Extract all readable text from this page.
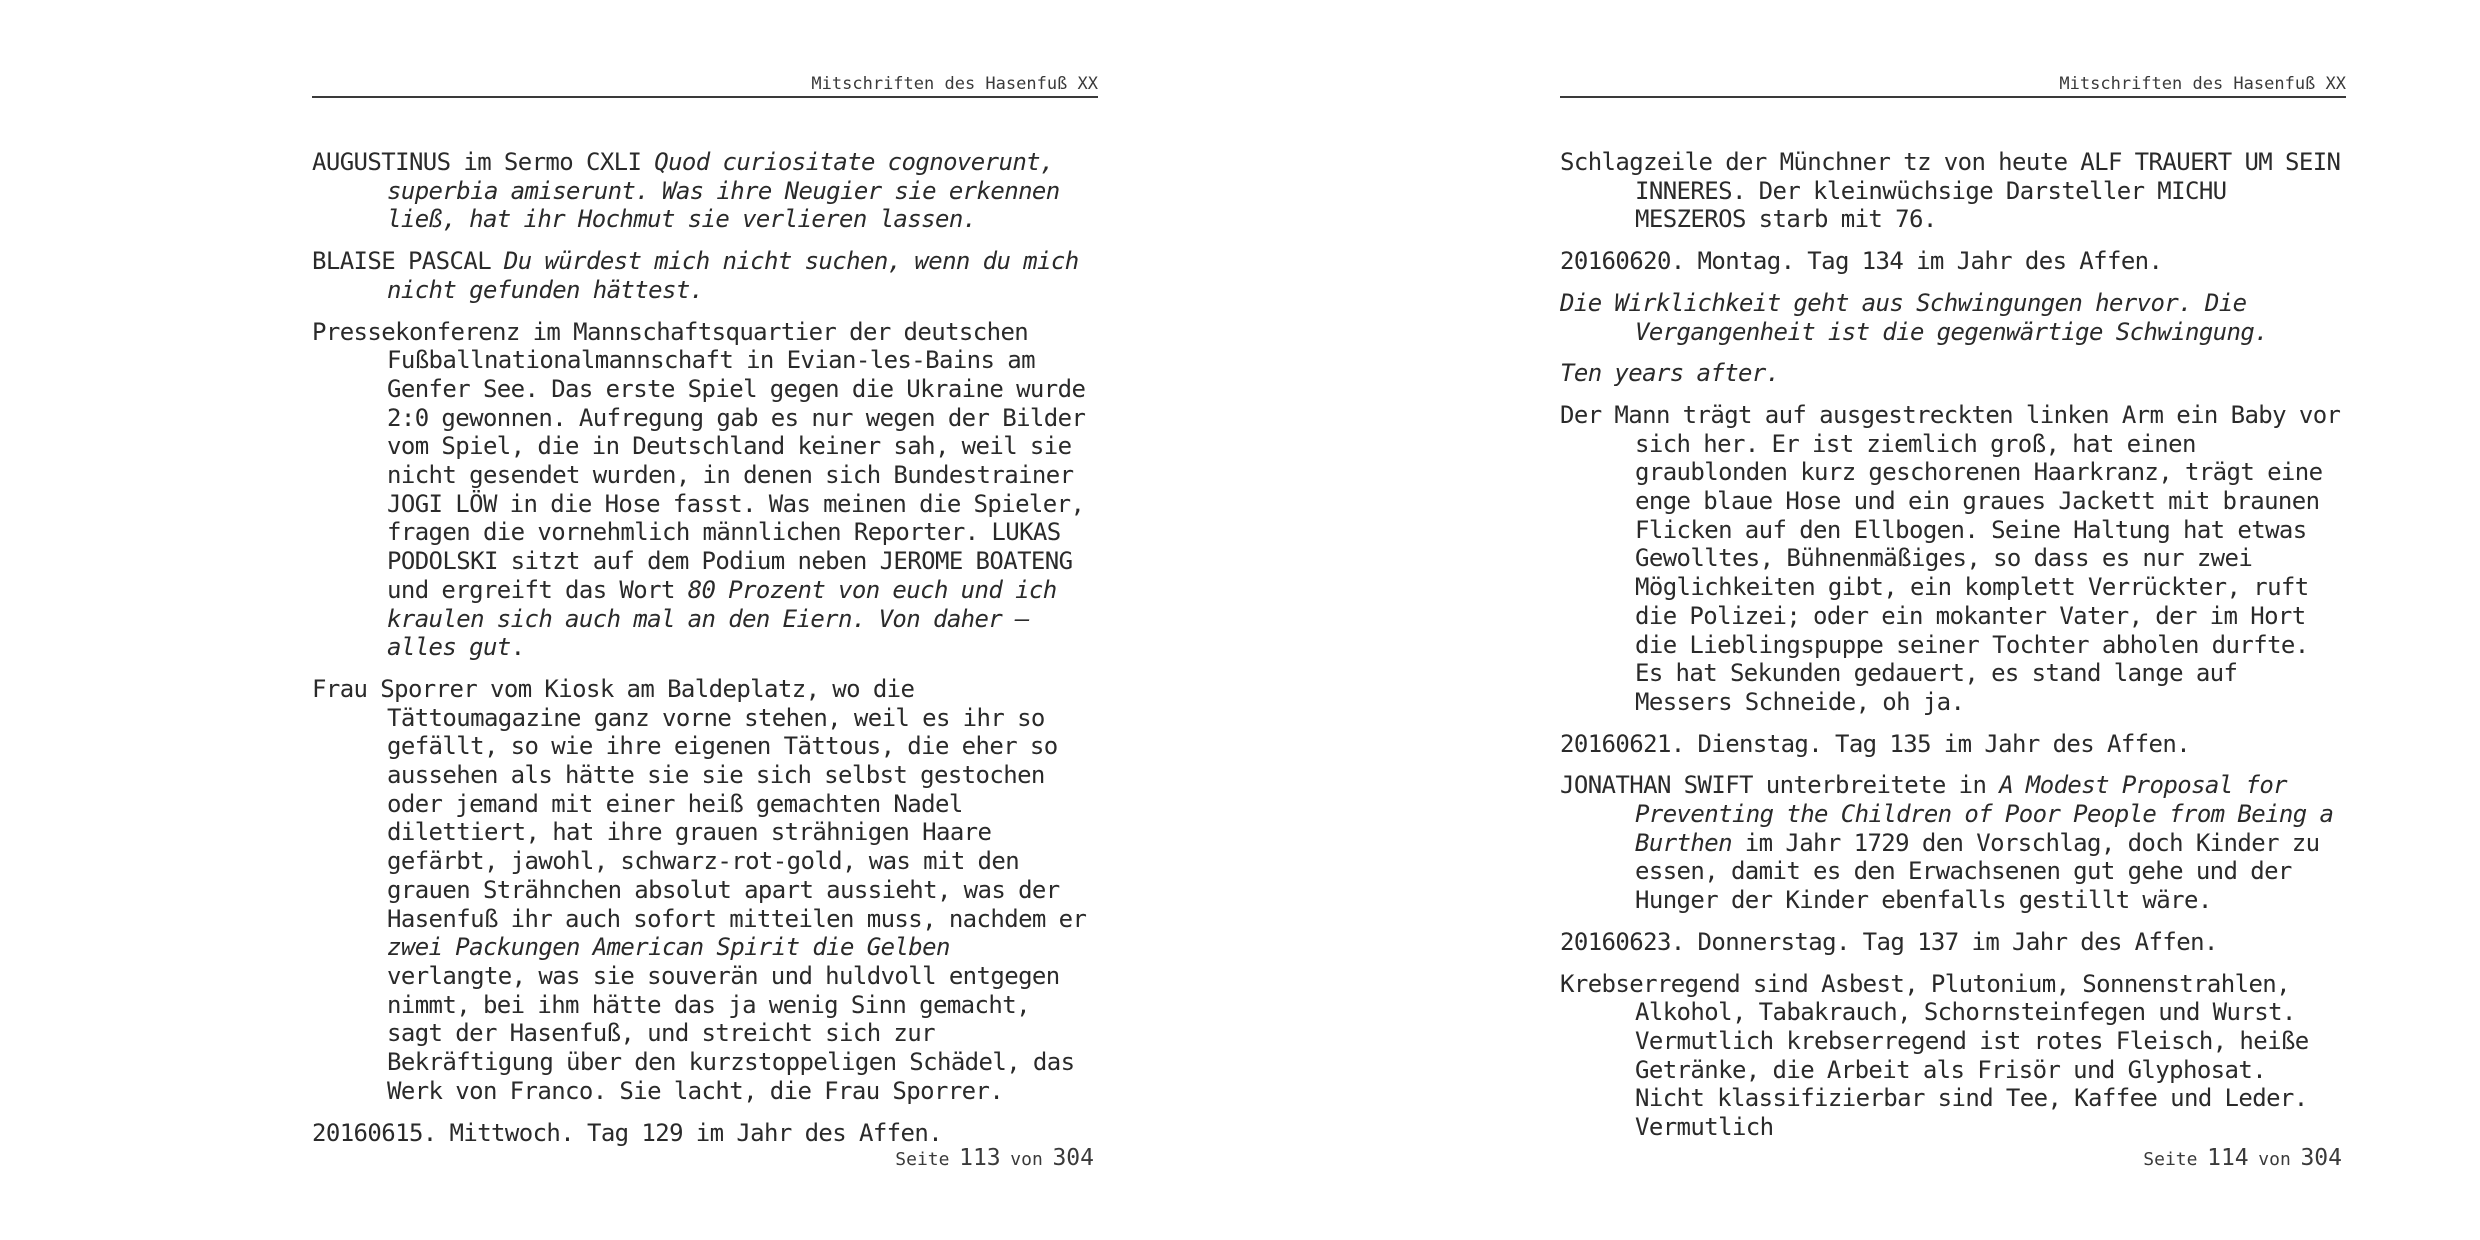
Mitschriften des Hasenfuß XX

AUGUSTINUS im Sermo CXLI Quod curiositate cognoverunt, superbia amiserunt. Was ihre Neugier sie erkennen ließ, hat ihr Hochmut sie verlieren lassen.

BLAISE PASCAL Du würdest mich nicht suchen, wenn du mich nicht gefunden hättest.

Pressekonferenz im Mannschaftsquartier der deutschen Fußballnationalmannschaft in Evian-les-Bains am Genfer See. Das erste Spiel gegen die Ukraine wurde 2:0 gewonnen. Aufregung gab es nur wegen der Bilder vom Spiel, die in Deutschland keiner sah, weil sie nicht gesendet wurden, in denen sich Bundestrainer JOGI LÖW in die Hose fasst. Was meinen die Spieler, fragen die vornehmlich männlichen Reporter. LUKAS PODOLSKI sitzt auf dem Podium neben JEROME BOATENG und ergreift das Wort 80 Prozent von euch und ich kraulen sich auch mal an den Eiern. Von daher – alles gut.

Frau Sporrer vom Kiosk am Baldeplatz, wo die Tättoumagazine ganz vorne stehen, weil es ihr so gefällt, so wie ihre eigenen Tättous, die eher so aussehen als hätte sie sie sich selbst gestochen oder jemand mit einer heiß gemachten Nadel dilettiert, hat ihre grauen strähnigen Haare gefärbt, jawohl, schwarz-rot-gold, was mit den grauen Strähnchen absolut apart aussieht, was der Hasenfuß ihr auch sofort mitteilen muss, nachdem er zwei Packungen American Spirit die Gelben verlangte, was sie souverän und huldvoll entgegen nimmt, bei ihm hätte das ja wenig Sinn gemacht, sagt der Hasenfuß, und streicht sich zur Bekräftigung über den kurzstoppeligen Schädel, das Werk von Franco. Sie lacht, die Frau Sporrer.

20160615. Mittwoch. Tag 129 im Jahr des Affen.

Seite 113 von 304
Mitschriften des Hasenfuß XX

Schlagzeile der Münchner tz von heute ALF TRAUERT UM SEIN INNERES. Der kleinwüchsige Darsteller MICHU MESZEROS starb mit 76.

20160620. Montag. Tag 134 im Jahr des Affen.

Die Wirklichkeit geht aus Schwingungen hervor. Die Vergangenheit ist die gegenwärtige Schwingung.

Ten years after.

Der Mann trägt auf ausgestreckten linken Arm ein Baby vor sich her. Er ist ziemlich groß, hat einen graublonden kurz geschorenen Haarkranz, trägt eine enge blaue Hose und ein graues Jackett mit braunen Flicken auf den Ellbogen. Seine Haltung hat etwas Gewolltes, Bühnenmäßiges, so dass es nur zwei Möglichkeiten gibt, ein komplett Verrückter, ruft die Polizei; oder ein mokanter Vater, der im Hort die Lieblingspuppe seiner Tochter abholen durfte. Es hat Sekunden gedauert, es stand lange auf Messers Schneide, oh ja.

20160621. Dienstag. Tag 135 im Jahr des Affen.

JONATHAN SWIFT unterbreitete in A Modest Proposal for Preventing the Children of Poor People from Being a Burthen im Jahr 1729 den Vorschlag, doch Kinder zu essen, damit es den Erwachsenen gut gehe und der Hunger der Kinder ebenfalls gestillt wäre.

20160623. Donnerstag. Tag 137 im Jahr des Affen.

Krebserregend sind Asbest, Plutonium, Sonnenstrahlen, Alkohol, Tabakrauch, Schornsteinfegen und Wurst. Vermutlich krebserregend ist rotes Fleisch, heiße Getränke, die Arbeit als Frisör und Glyphosat. Nicht klassifizierbar sind Tee, Kaffee und Leder. Vermutlich

Seite 114 von 304
